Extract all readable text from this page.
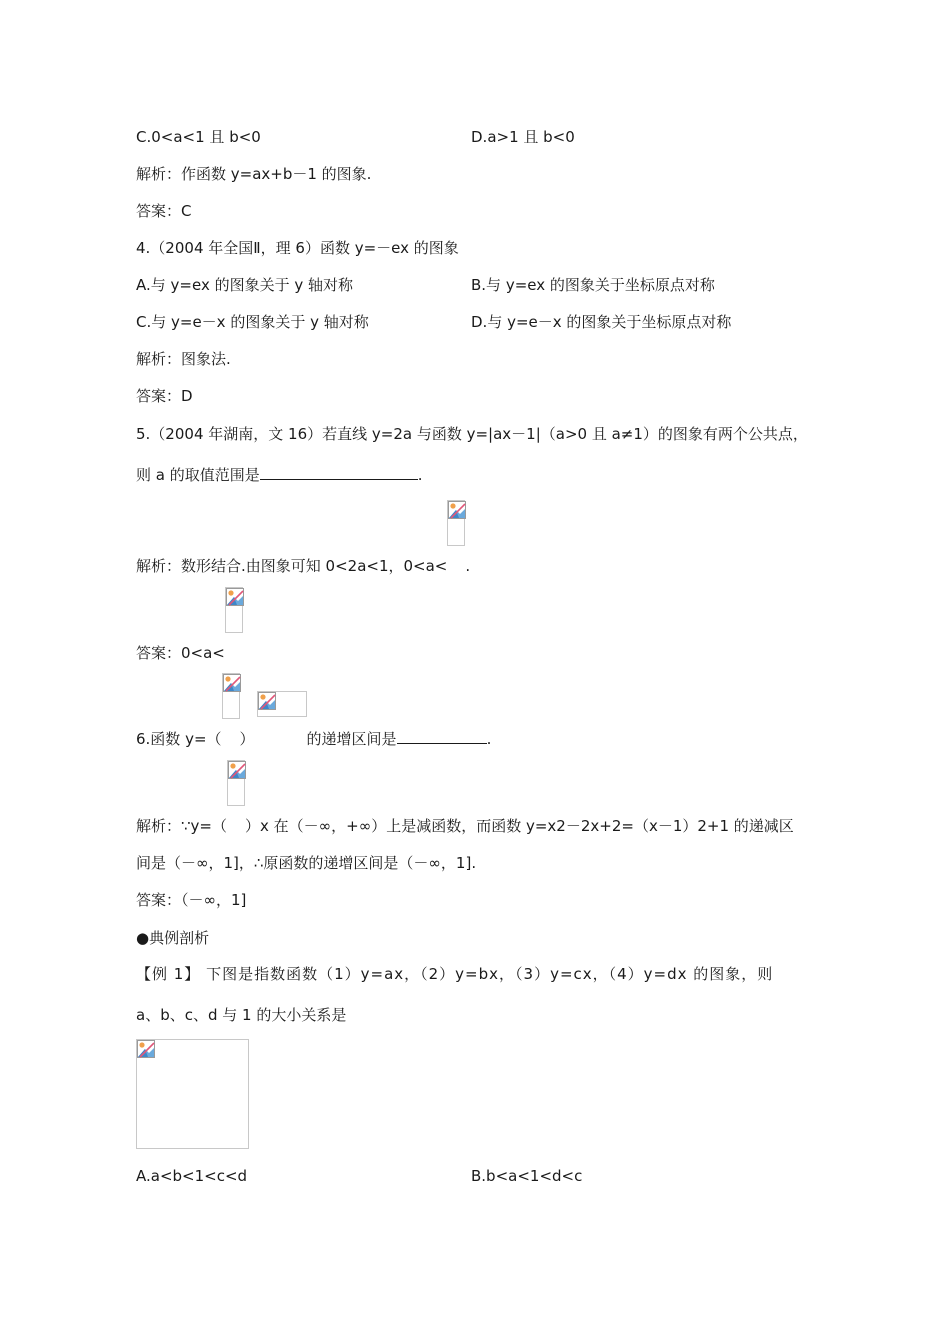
C.0<a<1 且 b<0	D.a>1 且 b<0
解析：作函数 y=ax+b－1 的图象.
答案：C
4.（2004 年全国Ⅱ，理 6）函数 y=－ex 的图象
A.与 y=ex 的图象关于 y 轴对称	B.与 y=ex 的图象关于坐标原点对称
C.与 y=e－x 的图象关于 y 轴对称	D.与 y=e－x 的图象关于坐标原点对称
解析：图象法.
答案：D
5.（2004 年湖南，文 16）若直线 y=2a 与函数 y=|ax－1|（a>0 且 a≠1）的图象有两个公共点，
则 a 的取值范围是	.
解析：数形结合.由图象可知 0<2a<1，0<a< .
答案：0<a<
6.函数 y=（ ）	的递增区间是	.
解析：∵y=（ ）x 在（－∞，+∞）上是减函数，而函数 y=x2－2x+2=（x－1）2+1 的递减区
间是（－∞，1]，∴原函数的递增区间是（－∞，1].
答案：（－∞，1]
●典例剖析
【例 1】 下图是指数函数（1）y=ax，（2）y=bx，（3）y=cx，（4）y=dx 的图象，则
a、b、c、d 与 1 的大小关系是
A.a<b<1<c<d	B.b<a<1<d<c
